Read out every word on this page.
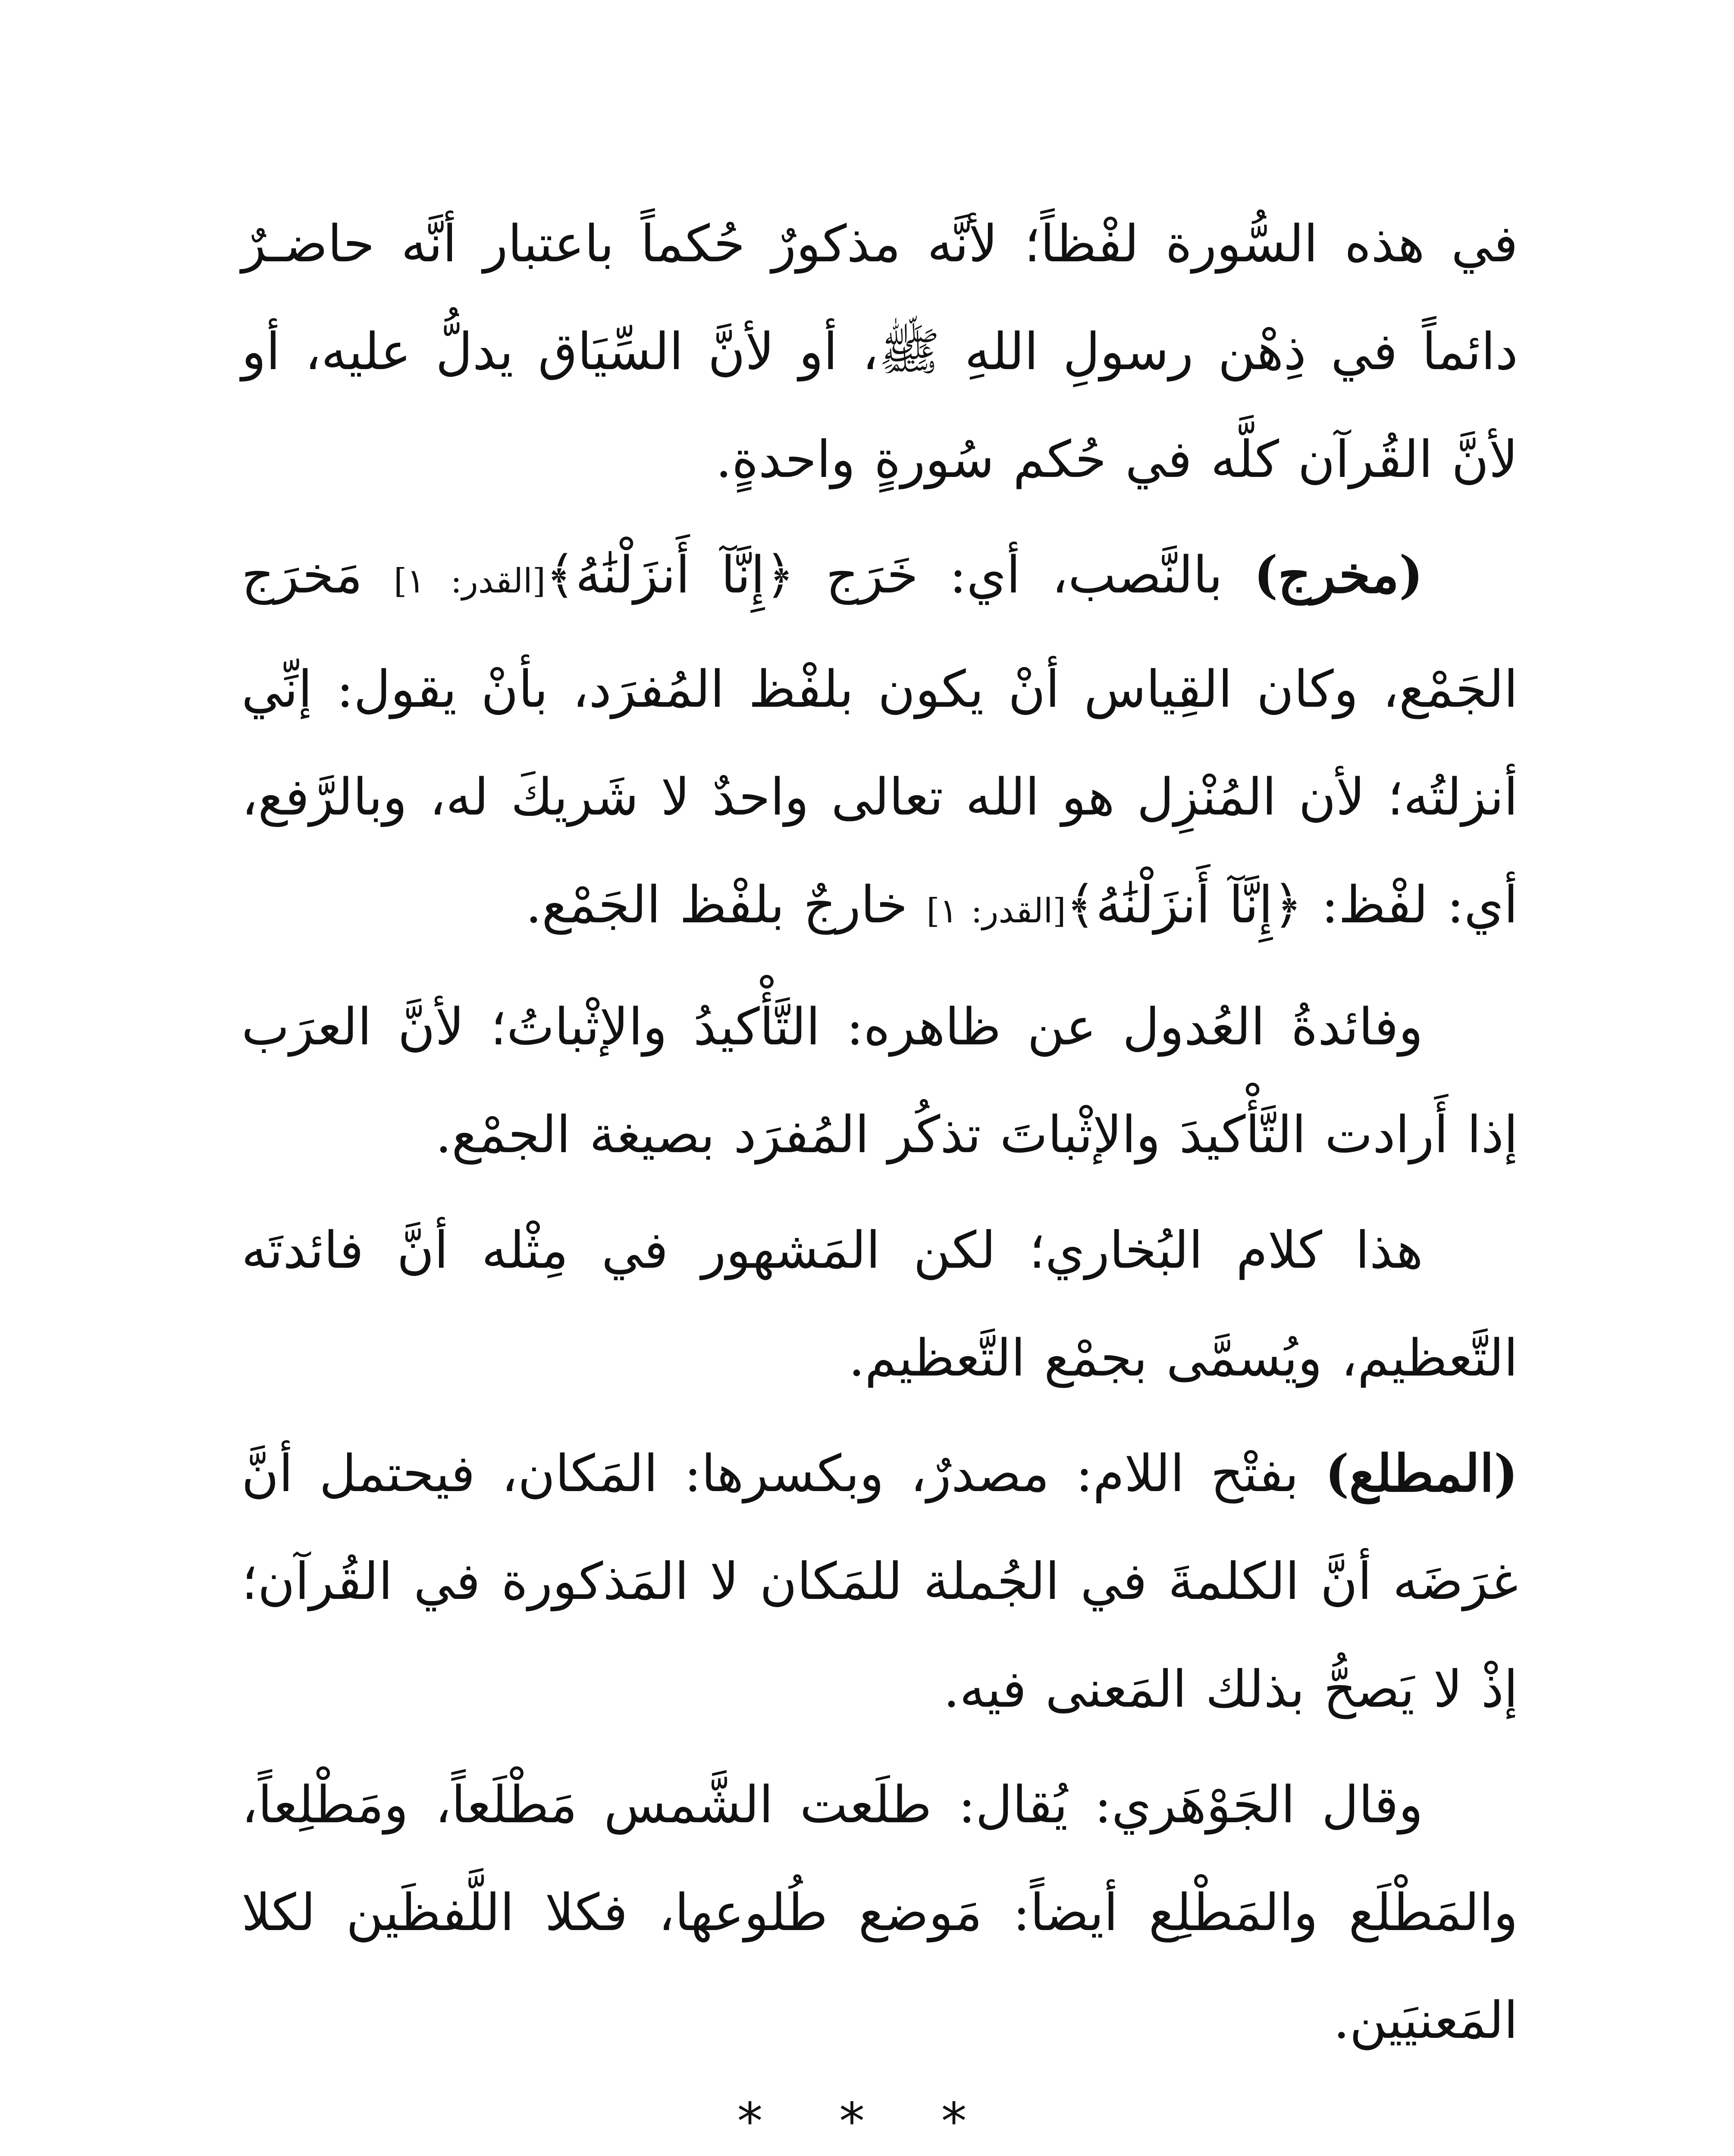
في هذه السُّورة لفْظاً؛ لأنَّه مذكورٌ حُكماً باعتبار أنَّه حاضـرٌ دائماً في ذِهْن رسولِ اللهِ ﷺ، أو لأنَّ السِّيَاق يدلُّ عليه، أو لأنَّ القُرآن كلَّه في حُكم سُورةٍ واحدةٍ.

(مخرج) بالنَّصب، أي: خَرَج ﴿إِنَّآ أَنزَلْنَٰهُ﴾[القدر: ١] مَخرَج الجَمْع، وكان القِياس أنْ يكون بلفْظ المُفرَد، بأنْ يقول: إنِّي أنزلتُه؛ لأن المُنْزِل هو الله تعالى واحدٌ لا شَريكَ له، وبالرَّفع، أي: لفْظ: ﴿إِنَّآ أَنزَلْنَٰهُ﴾[القدر: ١] خارجٌ بلفْظ الجَمْع.

وفائدةُ العُدول عن ظاهره: التَّأْكيدُ والإثْباتُ؛ لأنَّ العرَب إذا أَرادت التَّأْكيدَ والإثْباتَ تذكُر المُفرَد بصيغة الجمْع.

هذا كلام البُخاري؛ لكن المَشهور في مِثْله أنَّ فائدتَه التَّعظيم، ويُسمَّى بجمْع التَّعظيم.

(المطلع) بفتْح اللام: مصدرٌ، وبكسرها: المَكان، فيحتمل أنَّ غرَضَه أنَّ الكلمةَ في الجُملة للمَكان لا المَذكورة في القُرآن؛ إذْ لا يَصحُّ بذلك المَعنى فيه.

وقال الجَوْهَري: يُقال: طلَعت الشَّمس مَطْلَعاً، ومَطْلِعاً، والمَطْلَع والمَطْلِع أيضاً: مَوضع طُلوعها، فكلا اللَّفظَين لكلا المَعنيَين.

* * *
